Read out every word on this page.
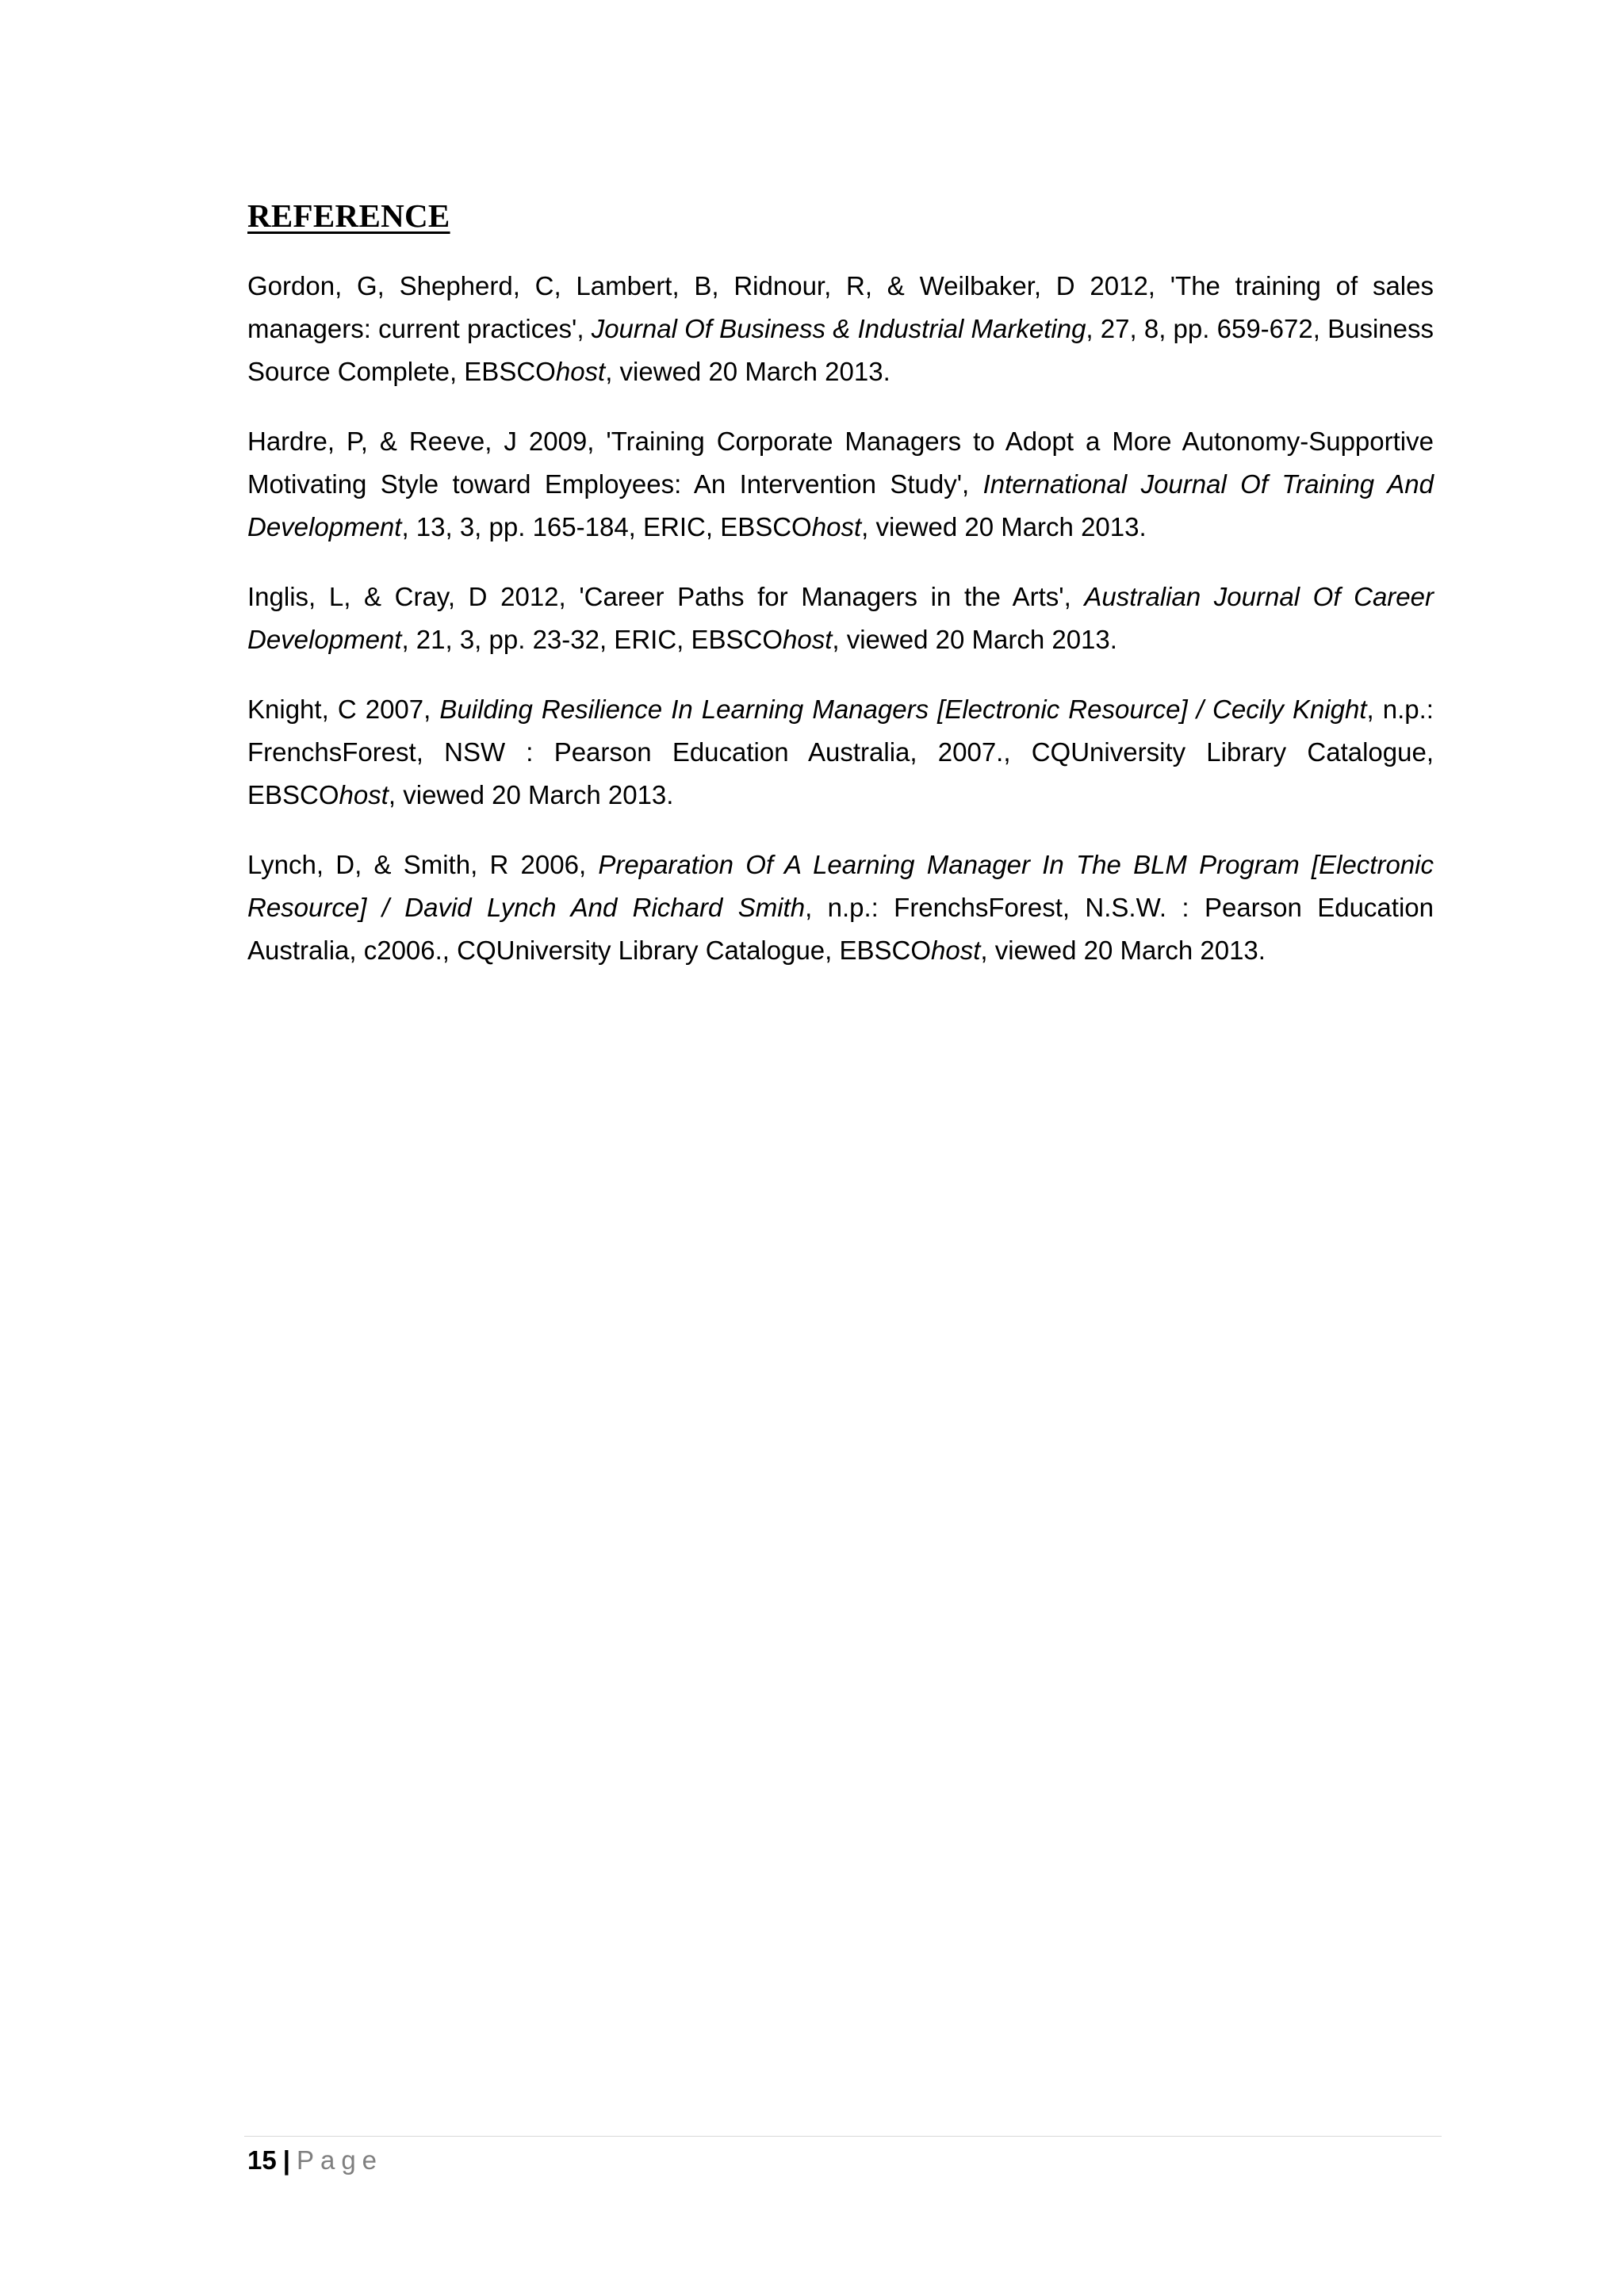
REFERENCE

Gordon, G, Shepherd, C, Lambert, B, Ridnour, R, & Weilbaker, D 2012, 'The training of sales managers: current practices', Journal Of Business & Industrial Marketing, 27, 8, pp. 659-672, Business Source Complete, EBSCOhost, viewed 20 March 2013.

Hardre, P, & Reeve, J 2009, 'Training Corporate Managers to Adopt a More Autonomy-Supportive Motivating Style toward Employees: An Intervention Study', International Journal Of Training And Development, 13, 3, pp. 165-184, ERIC, EBSCOhost, viewed 20 March 2013.

Inglis, L, & Cray, D 2012, 'Career Paths for Managers in the Arts', Australian Journal Of Career Development, 21, 3, pp. 23-32, ERIC, EBSCOhost, viewed 20 March 2013.

Knight, C 2007, Building Resilience In Learning Managers [Electronic Resource] / Cecily Knight, n.p.: FrenchsForest, NSW : Pearson Education Australia, 2007., CQUniversity Library Catalogue, EBSCOhost, viewed 20 March 2013.

Lynch, D, & Smith, R 2006, Preparation Of A Learning Manager In The BLM Program [Electronic Resource] / David Lynch And Richard Smith, n.p.: FrenchsForest, N.S.W. : Pearson Education Australia, c2006., CQUniversity Library Catalogue, EBSCOhost, viewed 20 March 2013.

15 | Page
